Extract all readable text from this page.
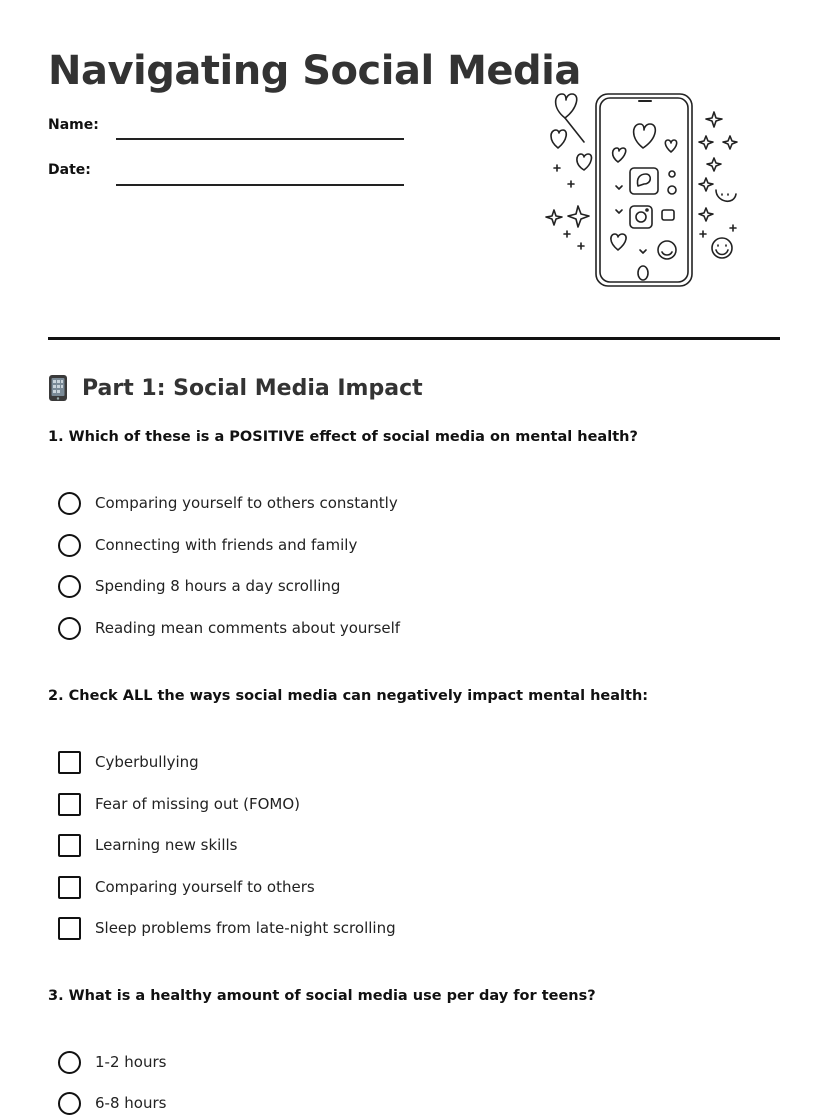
Navigating Social Media
Name:
Date:
Part 1: Social Media Impact
1. Which of these is a POSITIVE effect of social media on mental health?
Comparing yourself to others constantly
Connecting with friends and family
Spending 8 hours a day scrolling
Reading mean comments about yourself
2. Check ALL the ways social media can negatively impact mental health:
Cyberbullying
Fear of missing out (FOMO)
Learning new skills
Comparing yourself to others
Sleep problems from late-night scrolling
3. What is a healthy amount of social media use per day for teens?
1-2 hours
6-8 hours
